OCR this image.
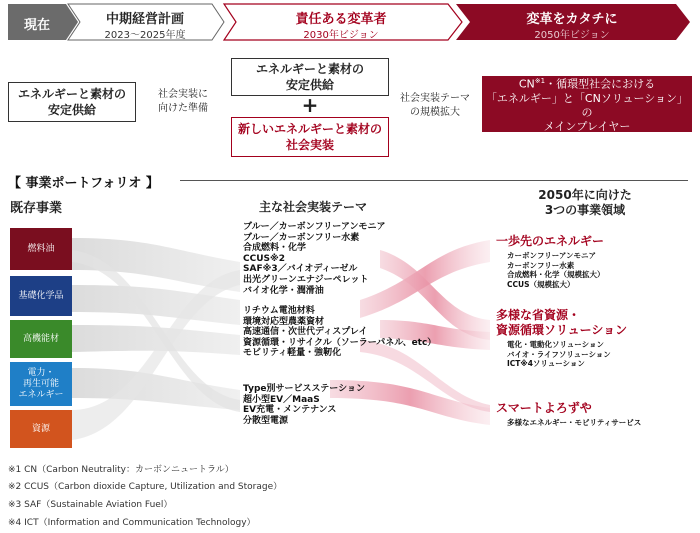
現在	中期経営計画
2023〜2025年度
責任ある変革者
2030年ビジョン
変革をカタチに
2050年ビジョン
エネルギーと素材の
安定供給
社会実装に
向けた準備
エネルギーと素材の
安定供給
+
新しいエネルギーと素材の
社会実装
社会実装テーマ
の規模拡大
CN$^{※1}$・循環型社会における
「エネルギー」と「CNソリューション」の
メインプレイヤー
【 事業ポートフォリオ 】
既存事業	主な社会実装テーマ
2050年に向けた
3つの事業領域
燃料油
基礎化学品
高機能材
電力・
再生可能
エネルギー
資源
ブルー／カーボンフリーアンモニア
ブルー／カーボンフリー水素
合成燃料・化学
CCUS※2
SAF※3／バイオディーゼル
出光グリーンエナジーペレット
バイオ化学・潤滑油
リチウム電池材料
環境対応型農薬資材
高速通信・次世代ディスプレイ
資源循環・リサイクル（ソーラーパネル、etc）
モビリティ軽量・強靭化
Type別サービスステーション
超小型EV／MaaS
EV充電・メンテナンス
分散型電源
一歩先のエネルギー
カーボンフリーアンモニア
カーボンフリー水素
合成燃料・化学（規模拡大）
CCUS（規模拡大）
多様な省資源・
資源循環ソリューション
電化・電動化ソリューション
バイオ・ライフソリューション
ICT※4ソリューション
スマートよろずや
多様なエネルギー・モビリティサービス
※1 CN（Carbon Neutrality：カーボンニュートラル）
※2 CCUS（Carbon dioxide Capture, Utilization and Storage）
※3 SAF（Sustainable Aviation Fuel）
※4 ICT（Information and Communication Technology）
